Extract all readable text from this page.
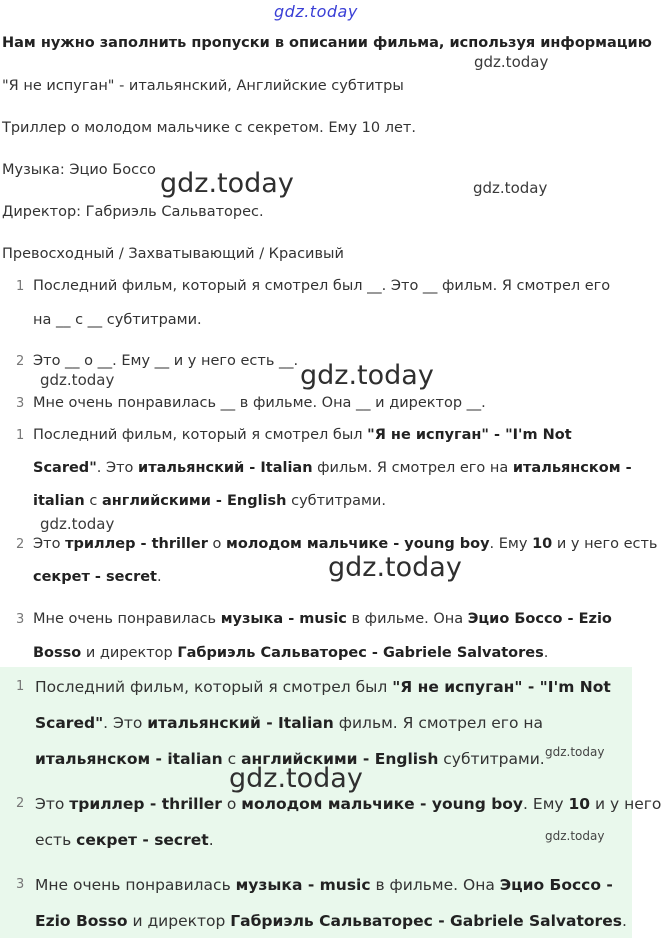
gdz.today
Нам нужно заполнить пропуски в описании фильма, используя информацию
"Я не испуган" - итальянский, Английские субтитры
Триллер о молодом мальчике с секретом. Ему 10 лет.
Музыка: Эцио Боссо
Директор: Габриэль Сальваторес.
Превосходный / Захватывающий / Красивый
1 Последний фильм, который я смотрел был __. Это __ фильм. Я смотрел его
на __ с __ субтитрами.
2 Это __ о __. Ему __ и у него есть __.
3 Мне очень понравилась __ в фильме. Она __ и директор __.
1 Последний фильм, который я смотрел был "Я не испуган" - "I'm Not
Scared". Это итальянский - Italian фильм. Я смотрел его на итальянском -
italian с английскими - English субтитрами.
2 Это триллер - thriller о молодом мальчике - young boy. Ему 10 и у него есть
секрет - secret.
3 Мне очень понравилась музыка - music в фильме. Она Эцио Боссо - Ezio
Bosso и директор Габриэль Сальваторес - Gabriele Salvatores.
1 Последний фильм, который я смотрел был "Я не испуган" - "I'm Not
Scared". Это итальянский - Italian фильм. Я смотрел его на
итальянском - italian с английскими - English субтитрами.
2 Это триллер - thriller о молодом мальчике - young boy. Ему 10 и у него
есть секрет - secret.
3 Мне очень понравилась музыка - music в фильме. Она Эцио Боссо -
Ezio Bosso и директор Габриэль Сальваторес - Gabriele Salvatores.
gdz.today
gdz.today	gdz.today
gdz.today	gdz.today
gdz.today
gdz.today
gdz.today
gdz.today
gdz.today
